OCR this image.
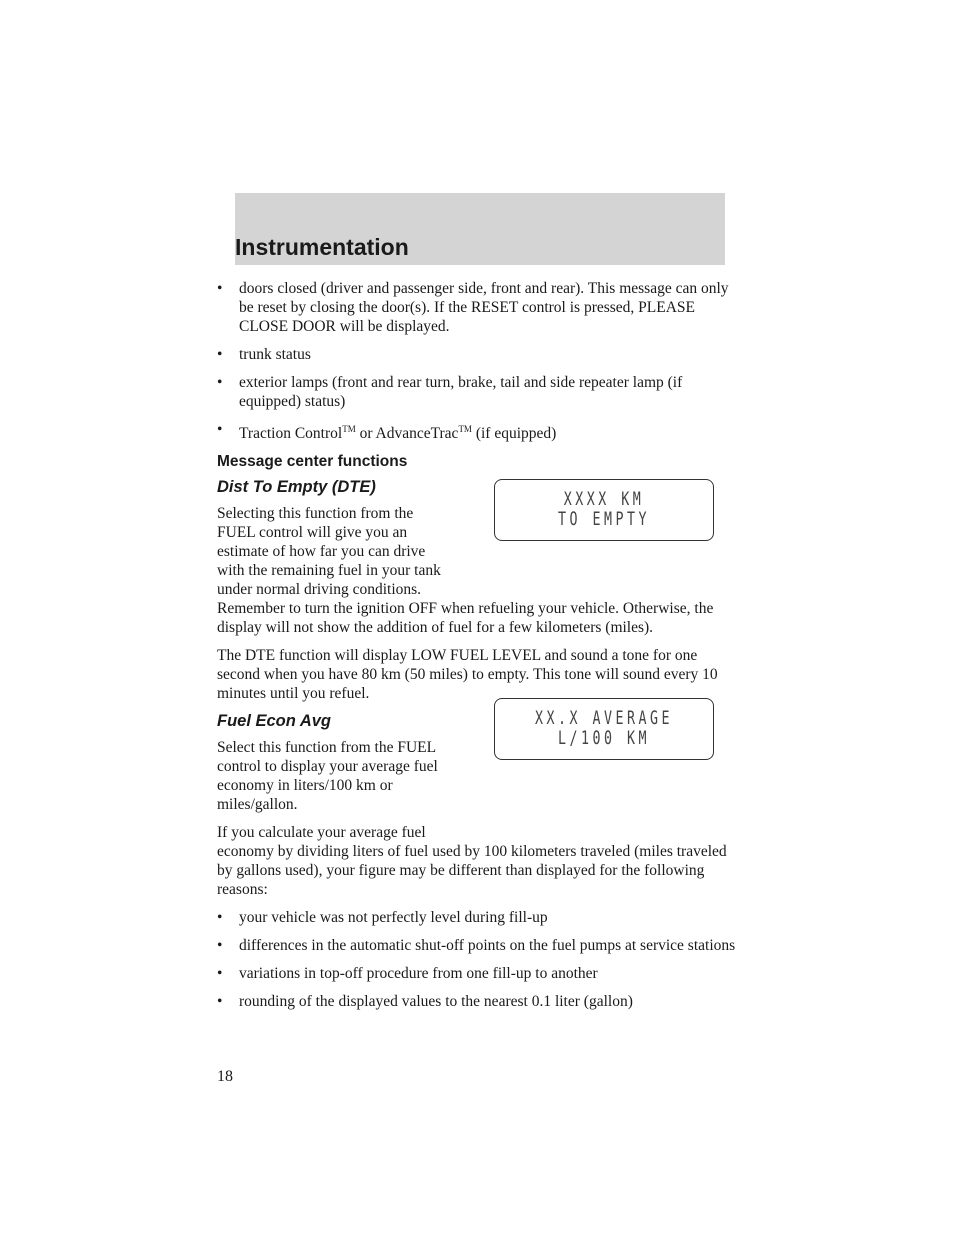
Instrumentation
• doors closed (driver and passenger side, front and rear). This message can only be reset by closing the door(s). If the RESET control is pressed, PLEASE CLOSE DOOR will be displayed.
• trunk status
• exterior lamps (front and rear turn, brake, tail and side repeater lamp (if equipped) status)
• Traction Control™ or AdvanceTrac™ (if equipped)
Message center functions
Dist To Empty (DTE)

Selecting this function from the
FUEL control will give you an
estimate of how far you can drive
with the remaining fuel in your tank
under normal driving conditions.
Remember to turn the ignition OFF when refueling your vehicle. Otherwise, the display will not show the addition of fuel for a few kilometers (miles).

The DTE function will display LOW FUEL LEVEL and sound a tone for one second when you have 80 km (50 miles) to empty. This tone will sound every 10 minutes until you refuel.

Fuel Econ Avg

Select this function from the FUEL
control to display your average fuel
economy in liters/100 km or
miles/gallon.

If you calculate your average fuel
economy by dividing liters of fuel used by 100 kilometers traveled (miles traveled by gallons used), your figure may be different than displayed for the following reasons:

• your vehicle was not perfectly level during fill-up
• differences in the automatic shut-off points on the fuel pumps at service stations
• variations in top-off procedure from one fill-up to another
• rounding of the displayed values to the nearest 0.1 liter (gallon)
XXXX KM
TO EMPTY
XX.X AVERAGE
L/100 KM
18
